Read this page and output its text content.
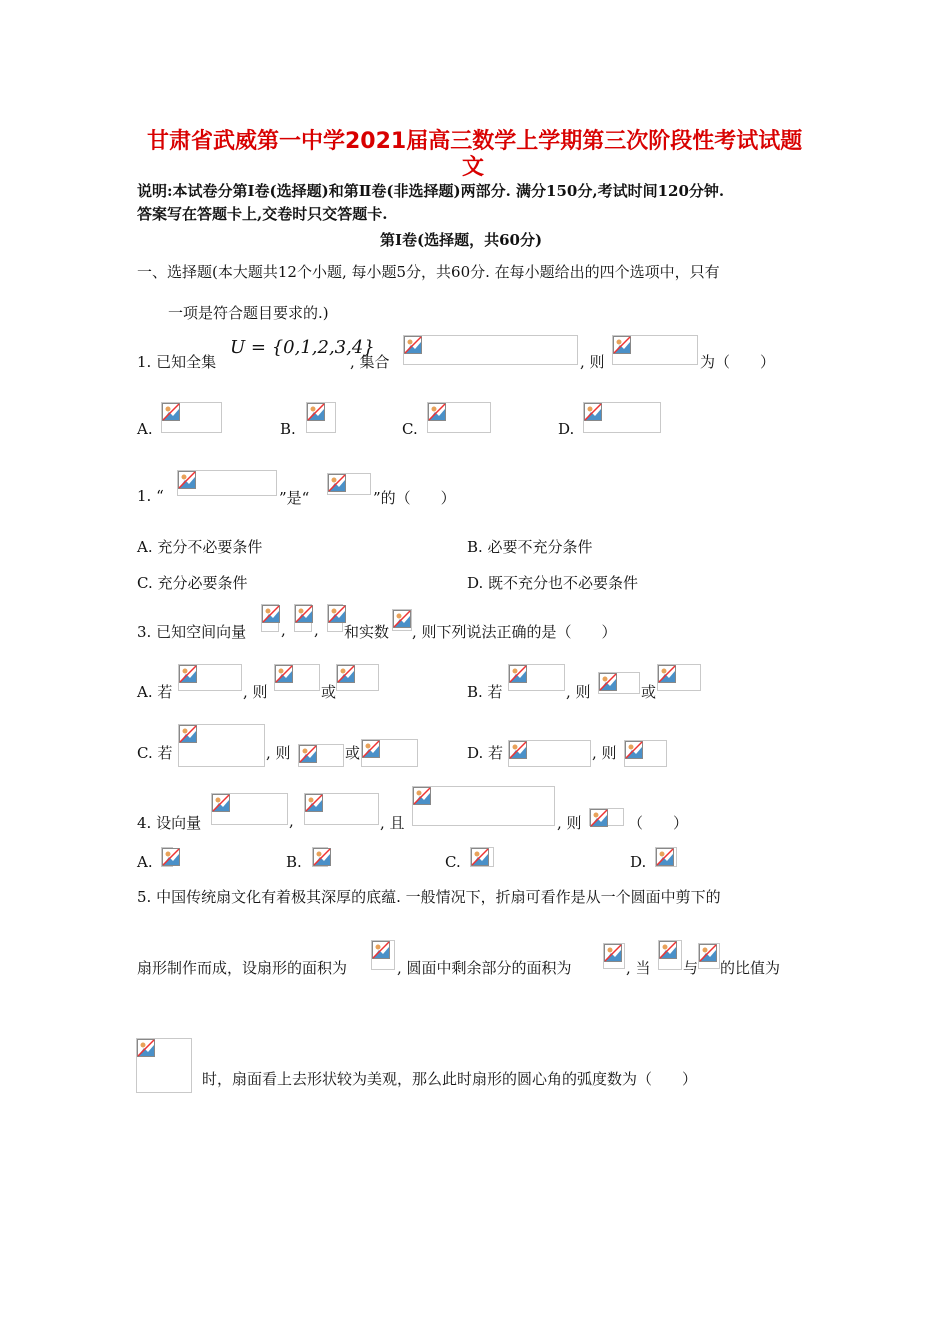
甘肃省武威第一中学2021届高三数学上学期第三次阶段性考试试题
文
说明:本试卷分第Ⅰ卷(选择题)和第Ⅱ卷(非选择题)两部分. 满分150分,考试时间120分钟.
答案写在答题卡上,交卷时只交答题卡.
第Ⅰ卷(选择题，共60分)
一、选择题(本大题共12个小题, 每小题5分，共60分. 在每小题给出的四个选项中，只有
一项是符合题目要求的.)
1. 已知全集
U = {0,1,2,3,4}
, 集合	, 则	为（　　）
A.	B.	C.	D.
1. “	”是“	”的（　　）
A. 充分不必要条件	B. 必要不充分条件
C. 充分必要条件	D. 既不充分也不必要条件
3. 已知空间向量 , , 和实数 , 则下列说法正确的是（　　）
A. 若	, 则	或	B. 若	, 则	或
C. 若	, 则	或	D. 若	, 则
4. 设向量	,	, 且	, 则	（　　）
A.	B.	C.	D.
5. 中国传统扇文化有着极其深厚的底蕴. 一般情况下，折扇可看作是从一个圆面中剪下的
扇形制作而成，设扇形的面积为	, 圆面中剩余部分的面积为	, 当 与 的比值为
时，扇面看上去形状较为美观，那么此时扇形的圆心角的弧度数为（　　）
